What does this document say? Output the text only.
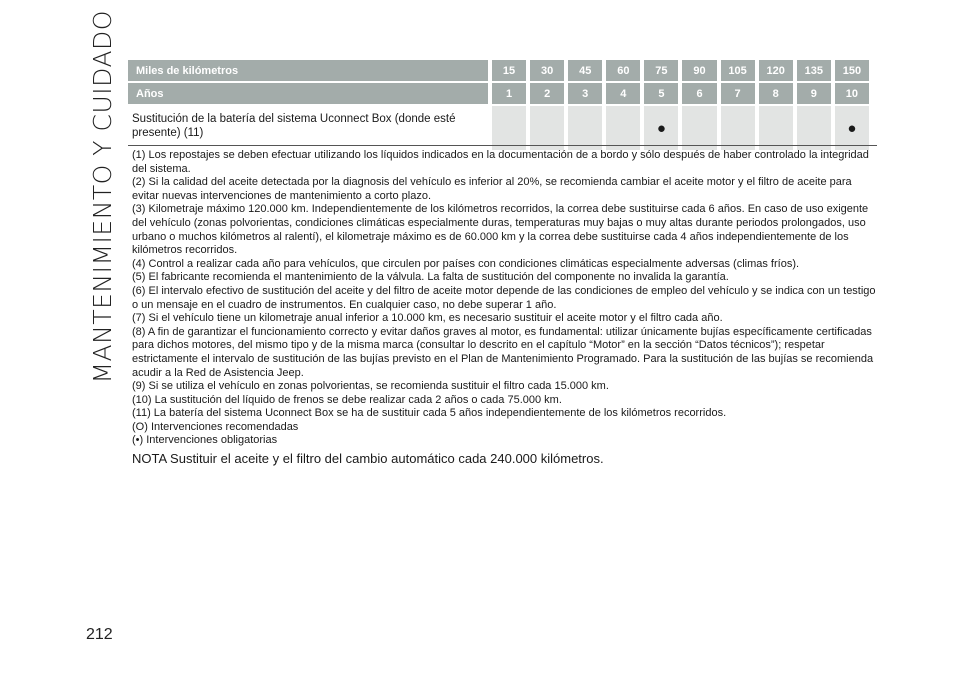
MANTENIMIENTO Y CUIDADO Miles de kilómetros	15	30	45	60	75	90	105	120	135	150
Años	1	2	3	4	5	6	7	8	9	10
Sustitución de la batería del sistema Uconnect Box (donde esté presente) (11)					●					●

(1) Los repostajes se deben efectuar utilizando los líquidos indicados en la documentación de a bordo y sólo después de haber controlado la integridad del sistema.

(2) Si la calidad del aceite detectada por la diagnosis del vehículo es inferior al 20%, se recomienda cambiar el aceite motor y el filtro de aceite para evitar nuevas intervenciones de mantenimiento a corto plazo.

(3) Kilometraje máximo 120.000 km. Independientemente de los kilómetros recorridos, la correa debe sustituirse cada 6 años. En caso de uso exigente del vehículo (zonas polvorientas, condiciones climáticas especialmente duras, temperaturas muy bajas o muy altas durante periodos prolongados, uso urbano o muchos kilómetros al ralentí), el kilometraje máximo es de 60.000 km y la correa debe sustituirse cada 4 años independientemente de los kilómetros recorridos.

(4) Control a realizar cada año para vehículos, que circulen por países con condiciones climáticas especialmente adversas (climas fríos).

(5) El fabricante recomienda el mantenimiento de la válvula. La falta de sustitución del componente no invalida la garantía.

(6) El intervalo efectivo de sustitución del aceite y del filtro de aceite motor depende de las condiciones de empleo del vehículo y se indica con un testigo o un mensaje en el cuadro de instrumentos. En cualquier caso, no debe superar 1 año.

(7) Si el vehículo tiene un kilometraje anual inferior a 10.000 km, es necesario sustituir el aceite motor y el filtro cada año.

(8) A fin de garantizar el funcionamiento correcto y evitar daños graves al motor, es fundamental: utilizar únicamente bujías específicamente certificadas para dichos motores, del mismo tipo y de la misma marca (consultar lo descrito en el capítulo “Motor” en la sección “Datos técnicos”); respetar estrictamente el intervalo de sustitución de las bujías previsto en el Plan de Mantenimiento Programado. Para la sustitución de las bujías se recomienda acudir a la Red de Asistencia Jeep.

(9) Si se utiliza el vehículo en zonas polvorientas, se recomienda sustituir el filtro cada 15.000 km.

(10) La sustitución del líquido de frenos se debe realizar cada 2 años o cada 75.000 km.

(11) La batería del sistema Uconnect Box se ha de sustituir cada 5 años independientemente de los kilómetros recorridos.

(O) Intervenciones recomendadas

(•) Intervenciones obligatorias

NOTA Sustituir el aceite y el filtro del cambio automático cada 240.000 kilómetros.
212
